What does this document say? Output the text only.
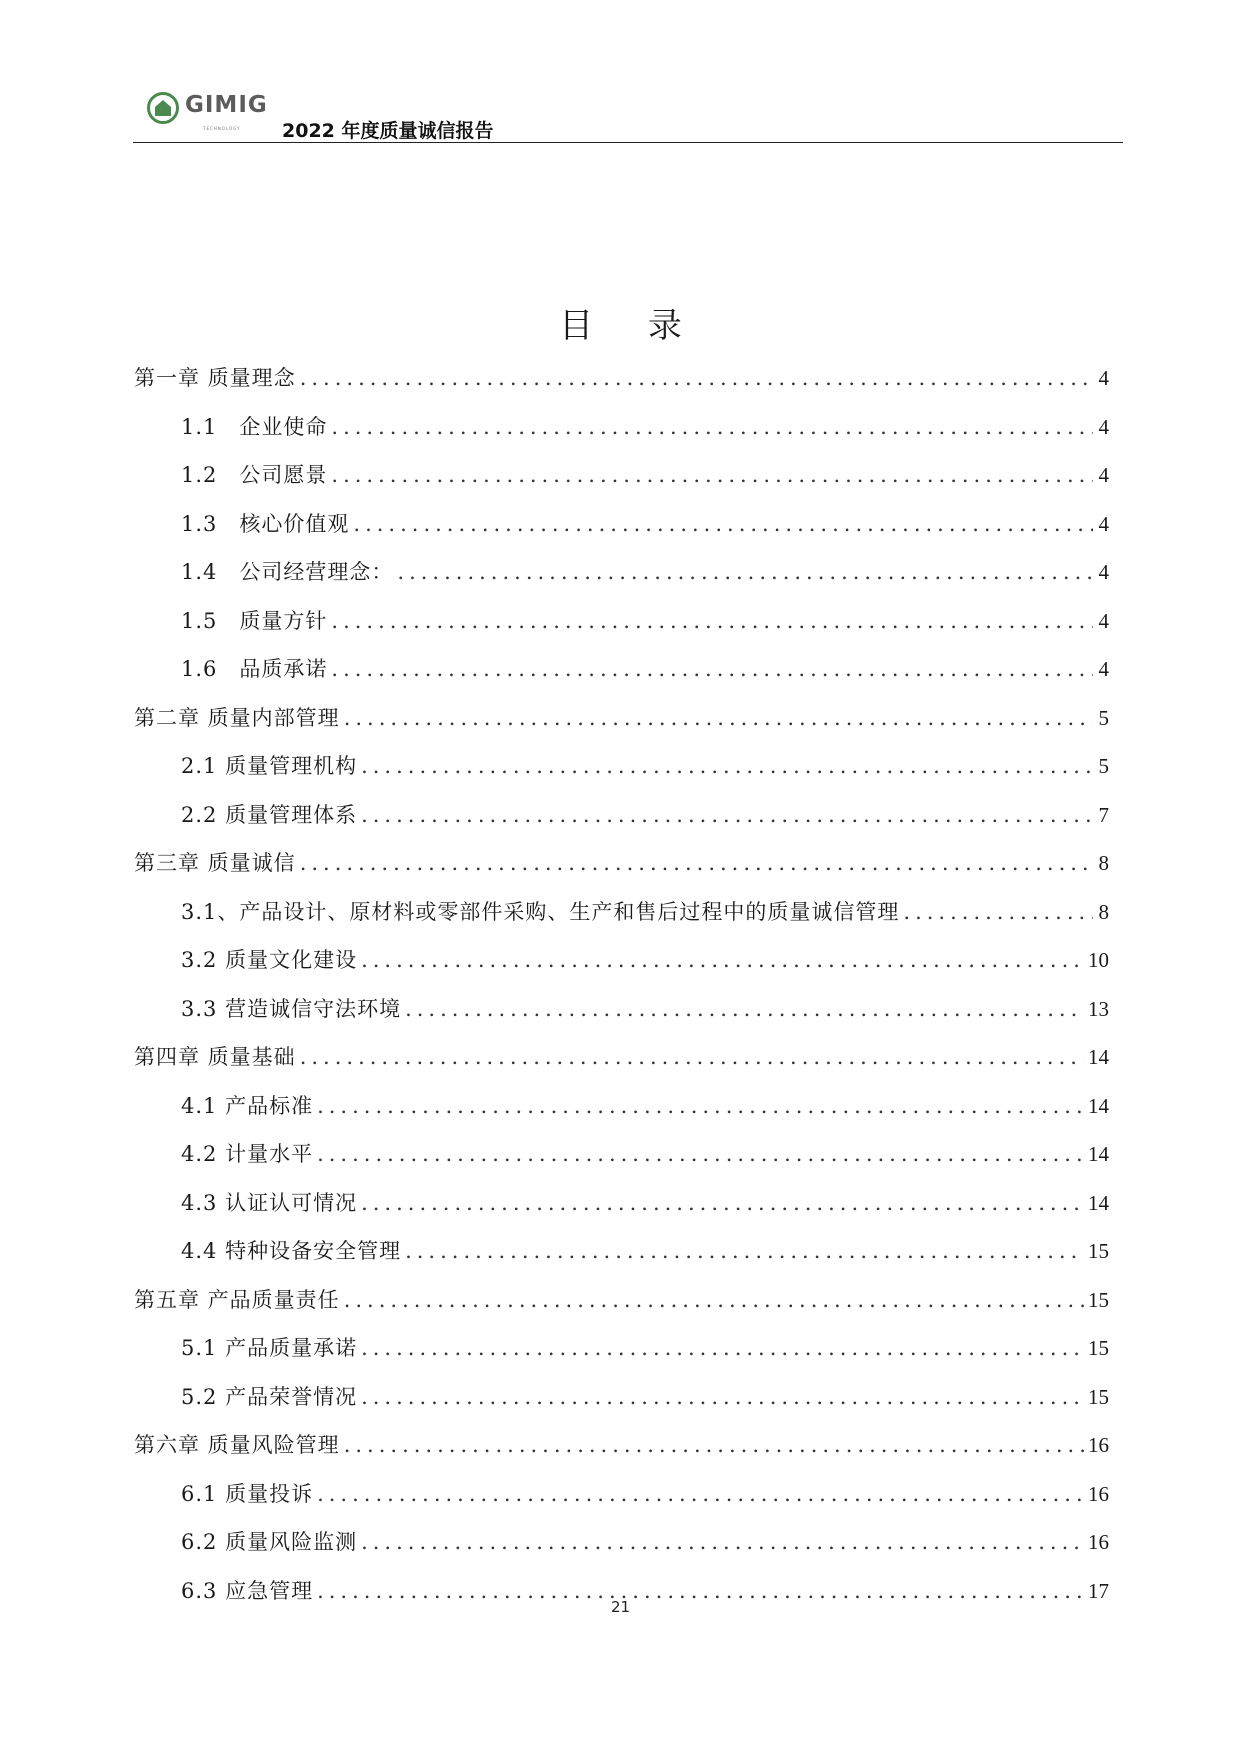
GIMIG
TECHNOLOGY 2022 年度质量诚信报告
目 录
第一章 质量理念 .....	4
1.1　企业使命 .....	4
1.2　公司愿景 .....	4
1.3　核心价值观 .....	4
1.4　公司经营理念： .....	4
1.5　质量方针 .....	4
1.6　品质承诺 .....	4
第二章 质量内部管理 .....	5
2.1 质量管理机构 .....	5
2.2 质量管理体系 .....	7
第三章 质量诚信 .....	8
3.1、产品设计、原材料或零部件采购、生产和售后过程中的质量诚信管理 .....	8
3.2 质量文化建设 .....	10
3.3 营造诚信守法环境 .....	13
第四章 质量基础 .....	14
4.1 产品标准 .....	14
4.2 计量水平 .....	14
4.3 认证认可情况 .....	14
4.4 特种设备安全管理 .....	15
第五章 产品质量责任 .....	15
5.1 产品质量承诺 .....	15
5.2 产品荣誉情况 .....	15
第六章 质量风险管理 .....	16
6.1 质量投诉 .....	16
6.2 质量风险监测 .....	16
6.3 应急管理 .....	17
21
